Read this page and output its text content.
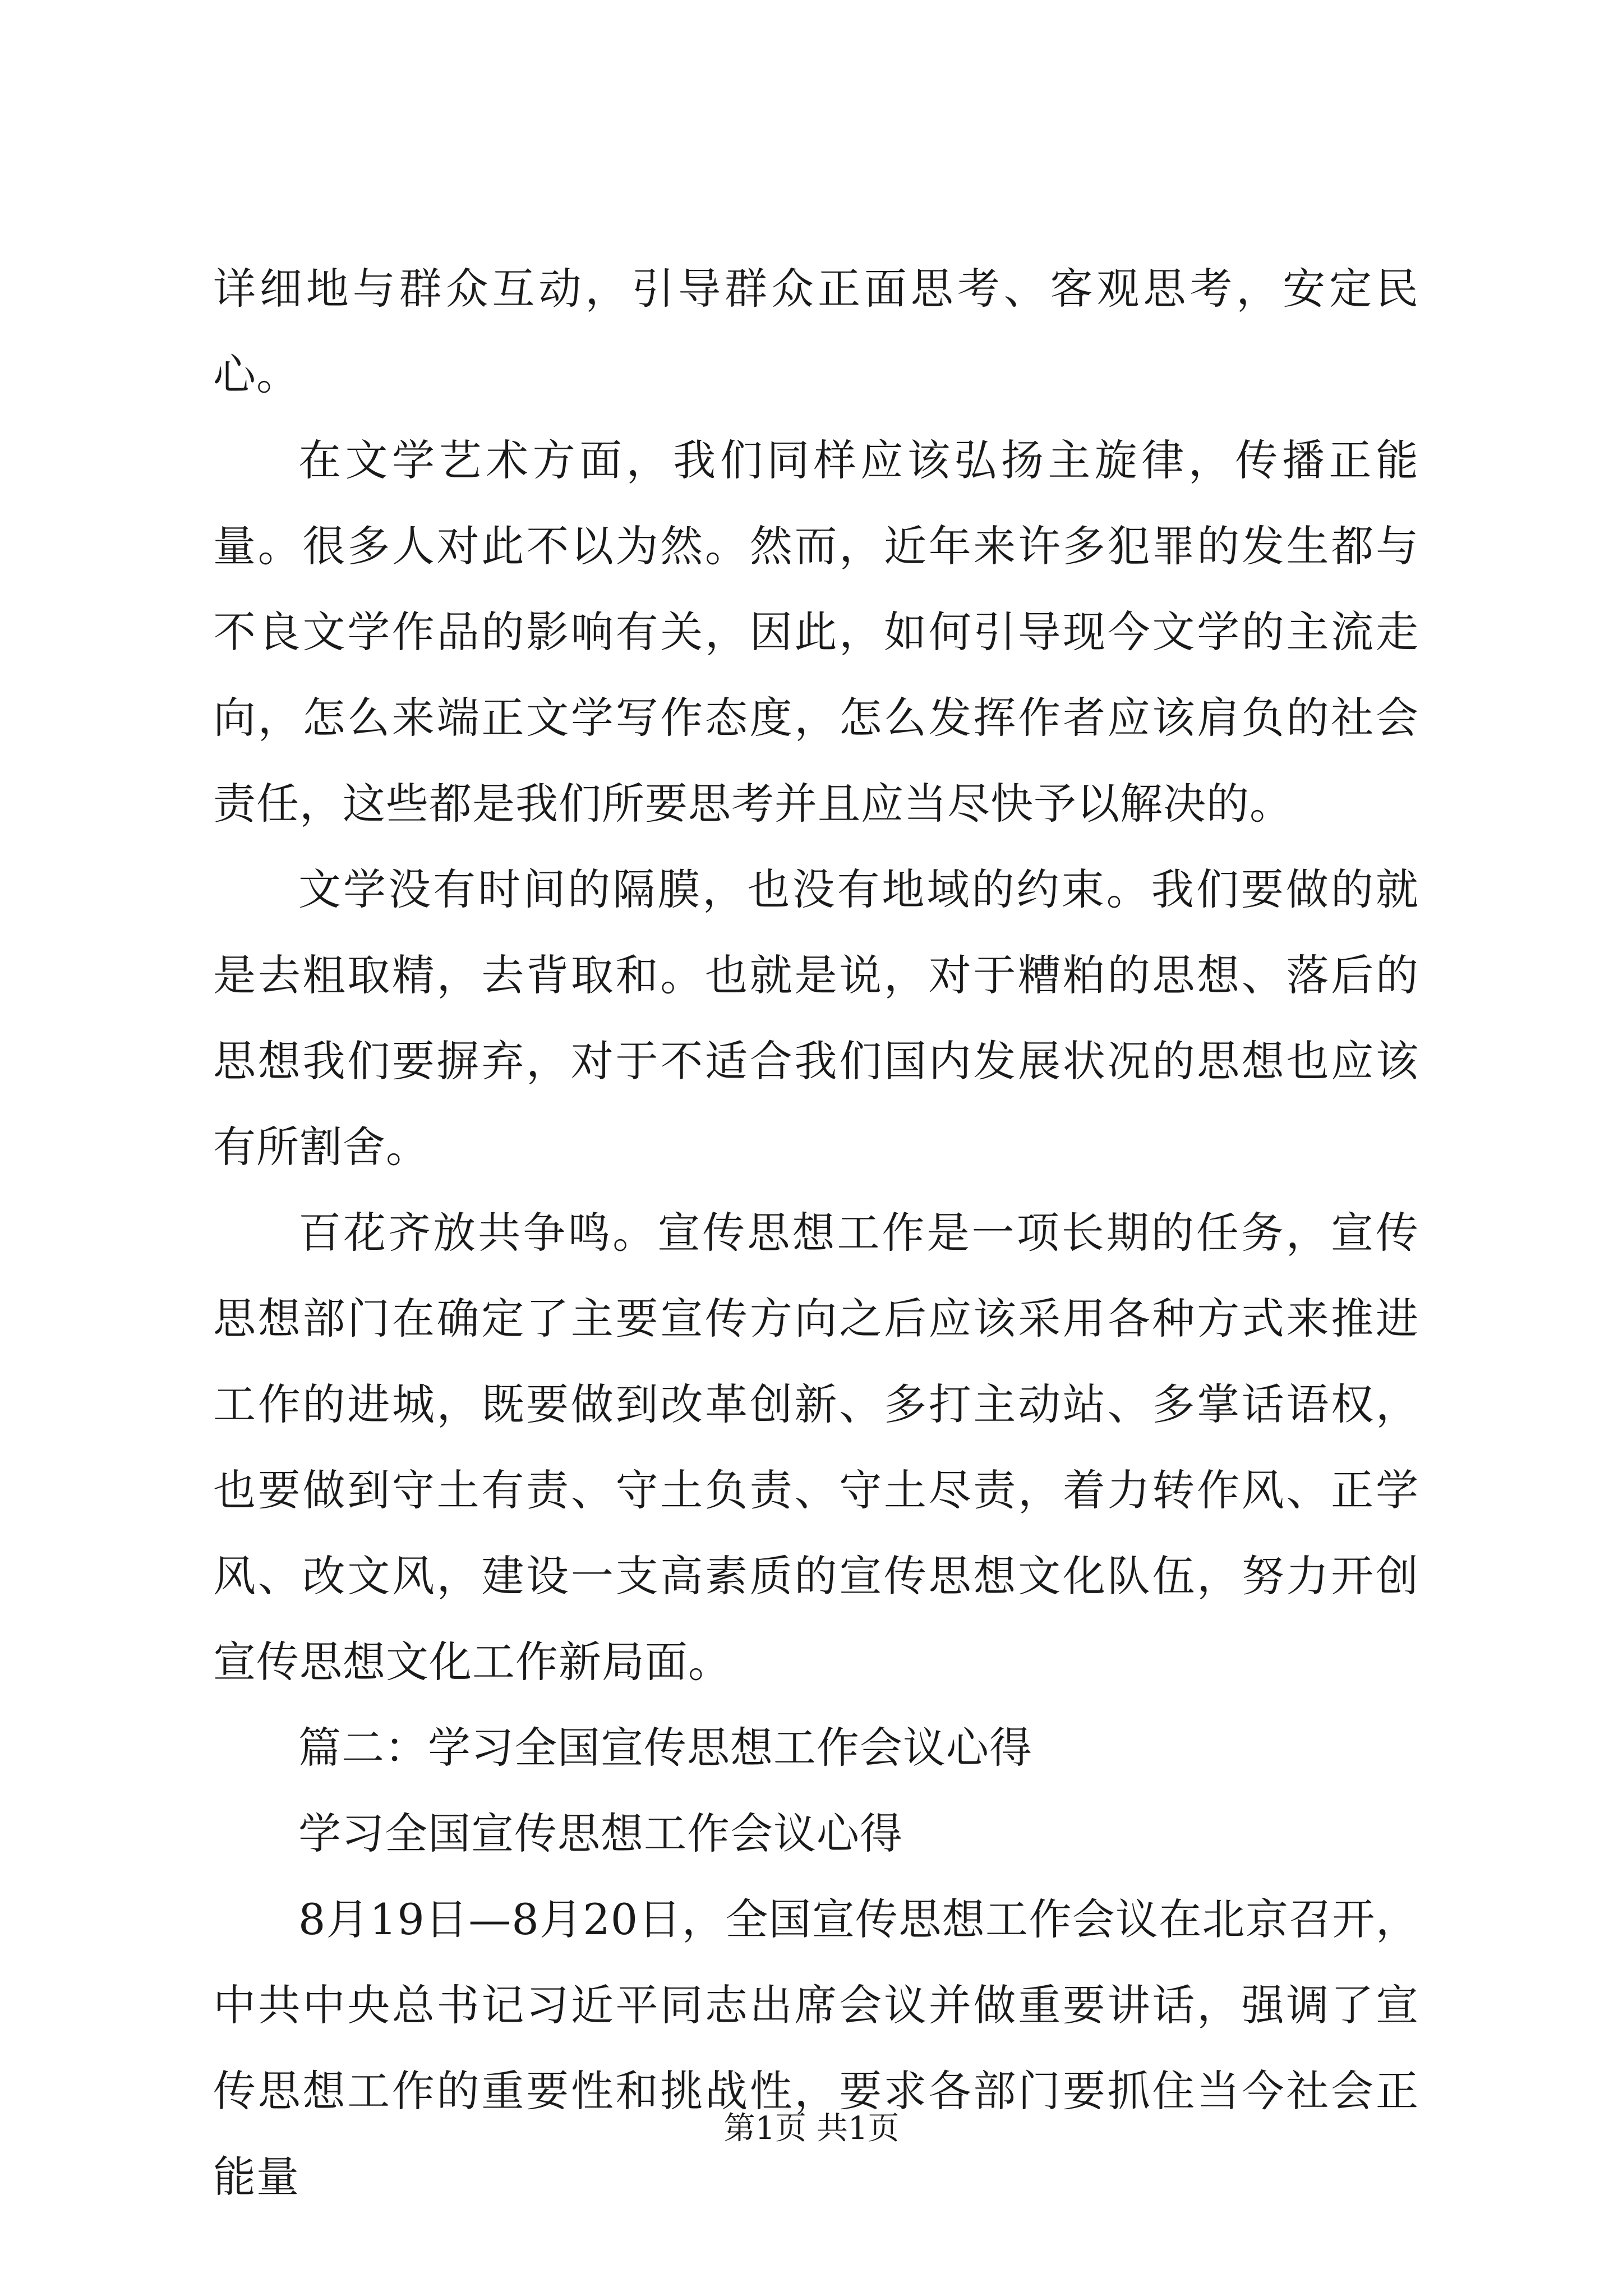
详细地与群众互动，引导群众正面思考、客观思考，安定民心。

在文学艺术方面，我们同样应该弘扬主旋律，传播正能量。很多人对此不以为然。然而，近年来许多犯罪的发生都与不良文学作品的影响有关，因此，如何引导现今文学的主流走向，怎么来端正文学写作态度，怎么发挥作者应该肩负的社会责任，这些都是我们所要思考并且应当尽快予以解决的。

文学没有时间的隔膜，也没有地域的约束。我们要做的就是去粗取精，去背取和。也就是说，对于糟粕的思想、落后的思想我们要摒弃，对于不适合我们国内发展状况的思想也应该有所割舍。

百花齐放共争鸣。宣传思想工作是一项长期的任务，宣传思想部门在确定了主要宣传方向之后应该采用各种方式来推进工作的进城，既要做到改革创新、多打主动站、多掌话语权，也要做到守土有责、守土负责、守土尽责，着力转作风、正学风、改文风，建设一支高素质的宣传思想文化队伍，努力开创宣传思想文化工作新局面。

篇二：学习全国宣传思想工作会议心得

学习全国宣传思想工作会议心得

8月19日—8月20日，全国宣传思想工作会议在北京召开，中共中央总书记习近平同志出席会议并做重要讲话，强调了宣传思想工作的重要性和挑战性，要求各部门要抓住当今社会正能量

第1页 共1页
